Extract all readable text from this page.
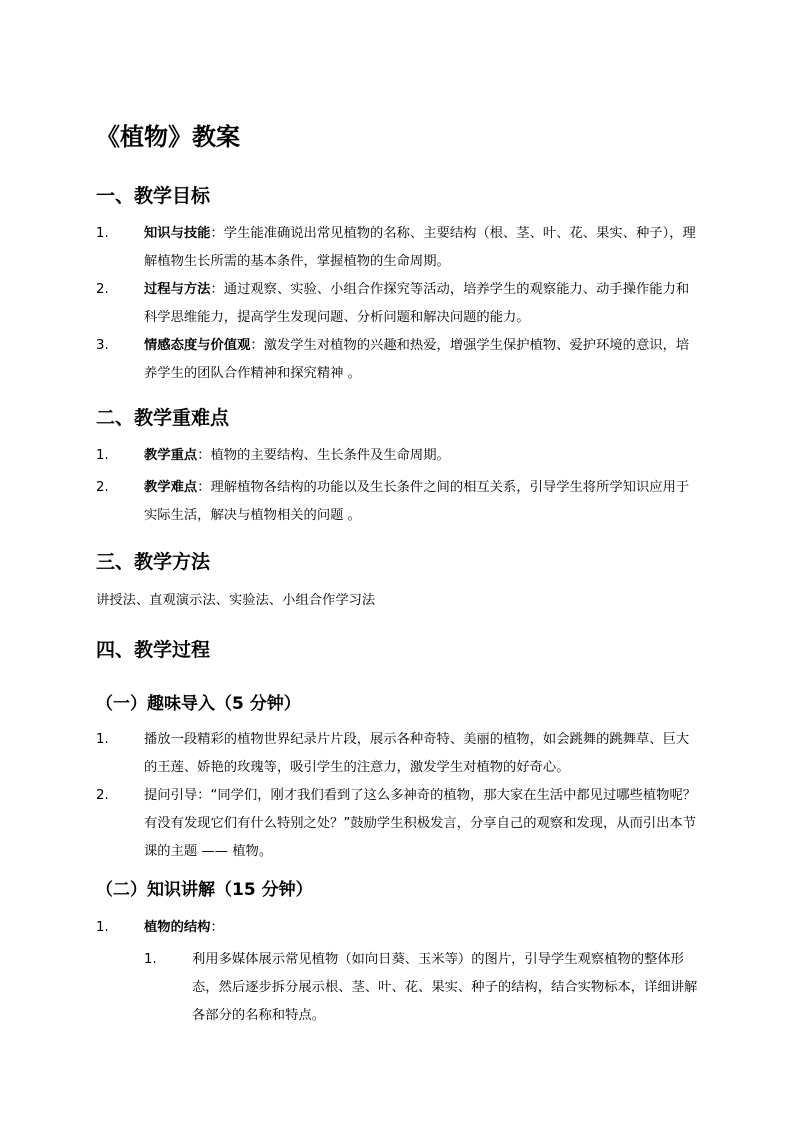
《植物》教案
一、教学目标
1.	知识与技能：学生能准确说出常见植物的名称、主要结构（根、茎、叶、花、果实、种子），理解植物生长所需的基本条件，掌握植物的生命周期。
2.	过程与方法：通过观察、实验、小组合作探究等活动，培养学生的观察能力、动手操作能力和科学思维能力，提高学生发现问题、分析问题和解决问题的能力。
3.	情感态度与价值观：激发学生对植物的兴趣和热爱，增强学生保护植物、爱护环境的意识，培养学生的团队合作精神和探究精神 。
二、教学重难点
1.	教学重点：植物的主要结构、生长条件及生命周期。
2.	教学难点：理解植物各结构的功能以及生长条件之间的相互关系，引导学生将所学知识应用于实际生活，解决与植物相关的问题 。
三、教学方法
讲授法、直观演示法、实验法、小组合作学习法
四、教学过程
（一）趣味导入（5 分钟）
1.	播放一段精彩的植物世界纪录片片段，展示各种奇特、美丽的植物，如会跳舞的跳舞草、巨大的王莲、娇艳的玫瑰等，吸引学生的注意力，激发学生对植物的好奇心。
2.	提问引导：“同学们，刚才我们看到了这么多神奇的植物，那大家在生活中都见过哪些植物呢？有没有发现它们有什么特别之处？”鼓励学生积极发言，分享自己的观察和发现，从而引出本节课的主题 —— 植物。
（二）知识讲解（15 分钟）
1.	植物的结构：
1.	利用多媒体展示常见植物（如向日葵、玉米等）的图片，引导学生观察植物的整体形态，然后逐步拆分展示根、茎、叶、花、果实、种子的结构，结合实物标本，详细讲解各部分的名称和特点。
